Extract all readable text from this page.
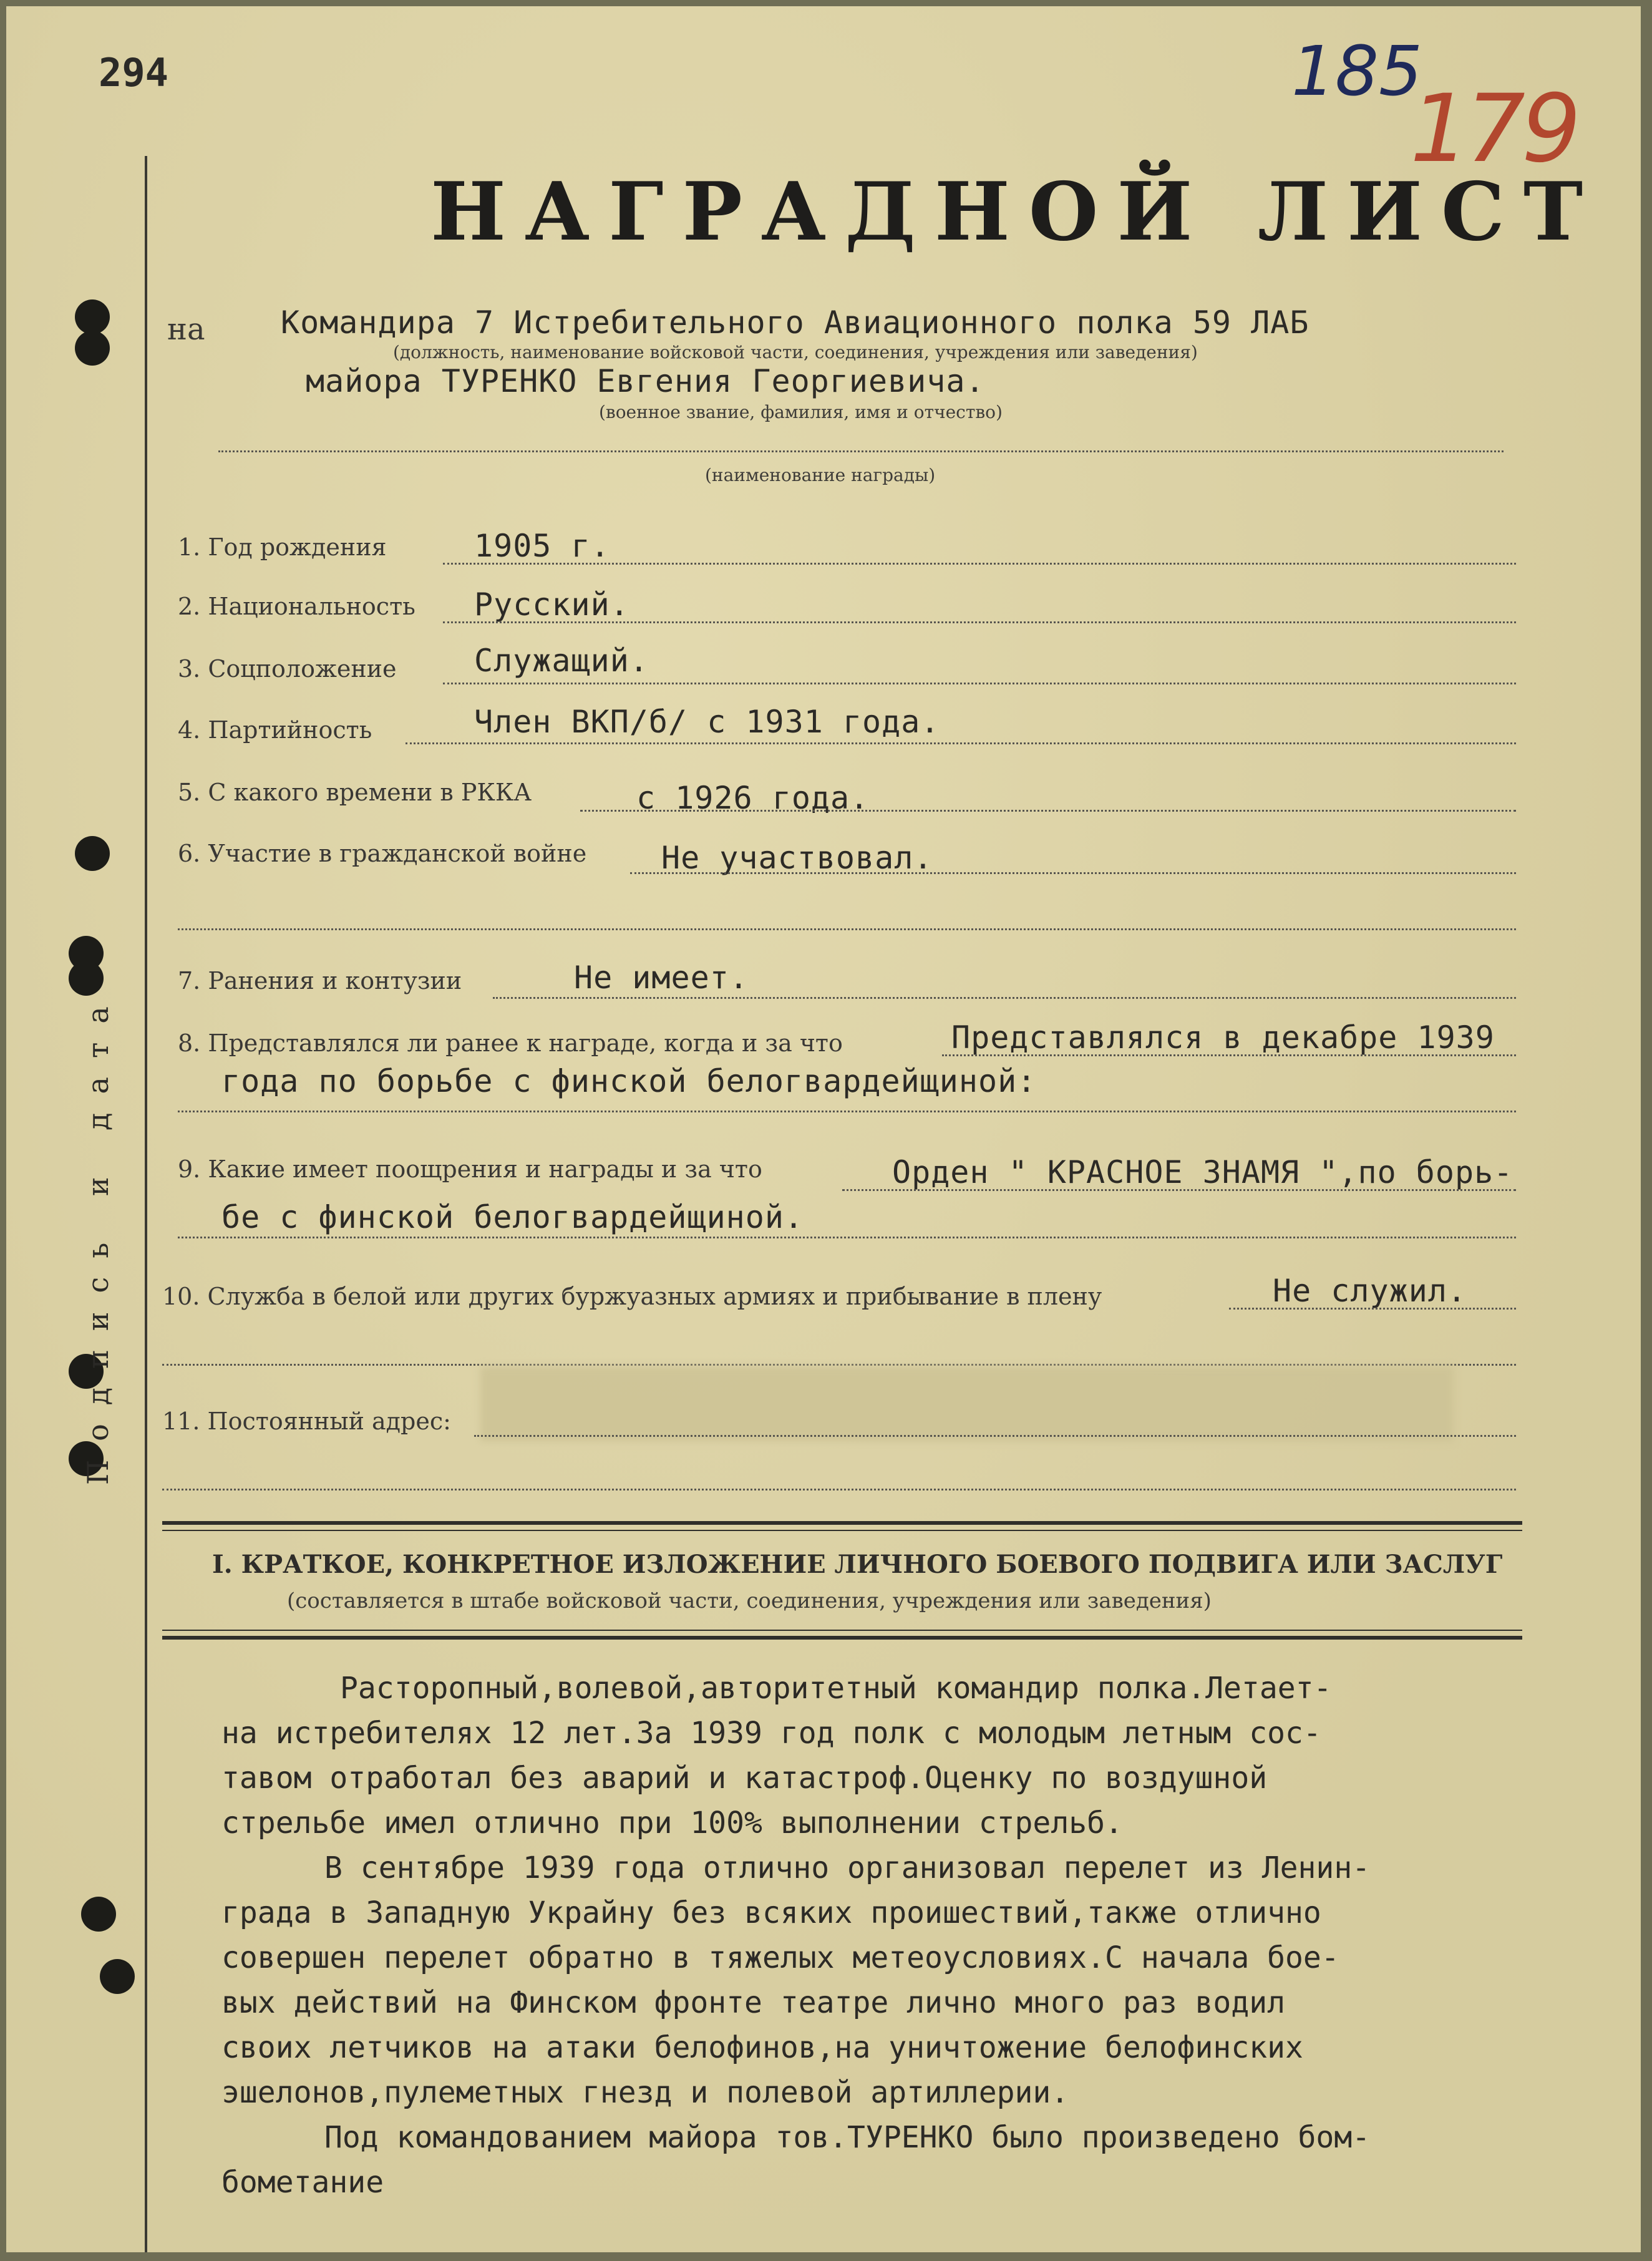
Подпись и дата
294	185
179
НАГРАДНОЙ ЛИСТ
на Командира 7 Истребительного Авиационного полка 59 ЛАБ
(должность, наименование войсковой части, соединения, учреждения или заведения)
майора ТУРЕНКО Евгения Георгиевича.
(военное звание, фамилия, имя и отчество)
(наименование награды)
1. Год рождения	1905 г.
2. Национальность Русский.
3. Соцположение Служащий.
4. Партийность	Член ВКП/б/ с 1931 года.
5. С какого времени в РККА	с 1926 года.
6. Участие в гражданской войне Не участвовал.
7. Ранения и контузии	Не имеет.
8. Представлялся ли ранее к награде, когда и за что	Представлялся в декабре 1939
года по борьбе с финской белогвардейщиной:
9. Какие имеет поощрения и награды и за что	Орден " КРАСНОЕ ЗНАМЯ ",по борь-
бе с финской белогвардейщиной.
10. Служба в белой или других буржуазных армиях и прибывание в плену	Не служил.
11. Постоянный адрес:
I. КРАТКОЕ, КОНКРЕТНОЕ ИЗЛОЖЕНИЕ ЛИЧНОГО БОЕВОГО ПОДВИГА ИЛИ ЗАСЛУГ
(составляется в штабе войсковой части, соединения, учреждения или заведения)
Расторопный,волевой,авторитетный командир полка.Летает-
на истребителях 12 лет.За 1939 год полк с молодым летным сос-
тавом отработал без аварий и катастроф.Оценку по воздушной
стрельбе имел отлично при 100% выполнении стрельб.
В сентябре 1939 года отлично организовал перелет из Ленин-
града в Западную Украйну без всяких проишествий,также отлично
совершен перелет обратно в тяжелых метеоусловиях.С начала бое-
вых действий на Финском фронте театре лично много раз водил
своих летчиков на атаки белофинов,на уничтожение белофинских
эшелонов,пулеметных гнезд и полевой артиллерии.
Под командованием майора тов.ТУРЕНКО было произведено бом-
бометание
